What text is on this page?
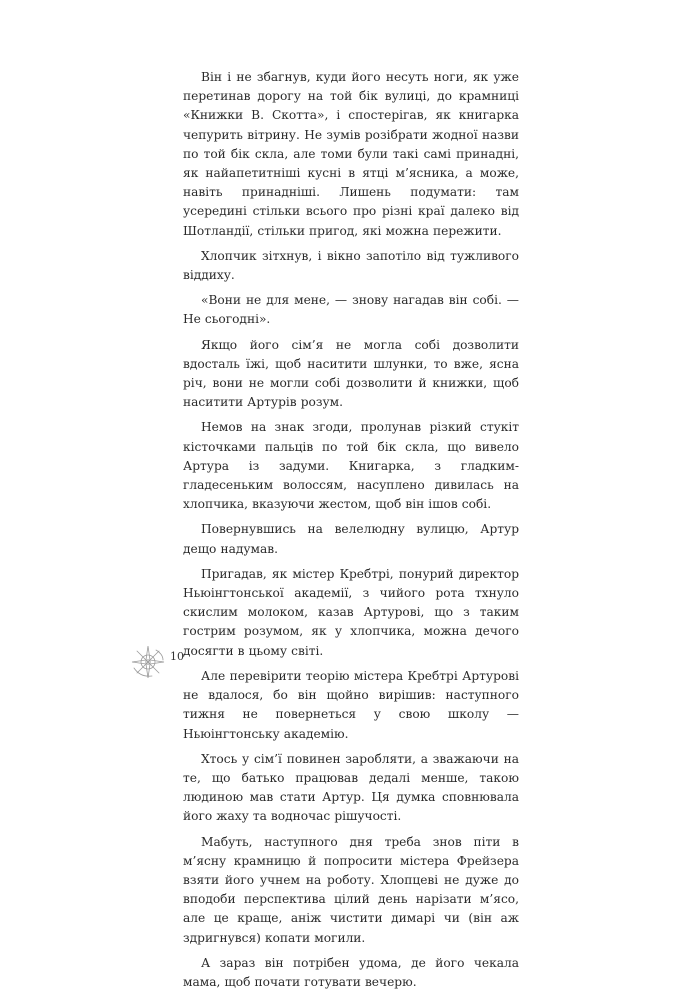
Він і не збагнув, куди його несуть ноги, як уже перетинав дорогу на той бік вулиці, до крамниці «Книжки В. Скотта», і спостерігав, як книгарка чепурить вітрину. Не зумів розібрати жодної назви по той бік скла, але томи були такі самі принадні, як найапетитніші кусні в ятці м’ясника, а може, навіть принадніші. Лишень подумати: там усередині стільки всього про різні краї далеко від Шотландії, стільки пригод, які можна пережити.

Хлопчик зітхнув, і вікно запотіло від тужливого віддиху.

«Вони не для мене, — знову нагадав він собі. — Не сьогодні».

Якщо його сім’я не могла собі дозволити вдосталь їжі, щоб наситити шлунки, то вже, ясна річ, вони не могли собі дозволити й книжки, щоб наситити Артурів розум.

Немов на знак згоди, пролунав різкий стукіт кісточками пальців по той бік скла, що вивело Артура із задуми. Книгарка, з гладким-гладесеньким волоссям, насуплено дивилась на хлопчика, вказуючи жестом, щоб він ішов собі.

Повернувшись на велелюдну вулицю, Артур дещо надумав.

Пригадав, як містер Кребтрі, понурий директор Ньюінгтонської академії, з чийого рота тхнуло скислим молоком, казав Артурові, що з таким гострим розумом, як у хлопчика, можна дечого досягти в цьому світі.

Але перевірити теорію містера Кребтрі Артурові не вдалося, бо він щойно вирішив: наступного тижня не повернеться у свою школу — Ньюінгтонську академію.

Хтось у сім’ї повинен заробляти, а зважаючи на те, що батько працював дедалі менше, такою людиною мав стати Артур. Ця думка сповнювала його жаху та водночас рішучості.

Мабуть, наступного дня треба знов піти в м’ясну крамницю й попросити містера Фрейзера взяти його учнем на роботу. Хлопцеві не дуже до вподоби перспектива цілий день нарізати м’ясо, але це краще, аніж чистити димарі чи (він аж здригнувся) копати могили.

А зараз він потрібен удома, де його чекала мама, щоб почати готувати вечерю.

10
